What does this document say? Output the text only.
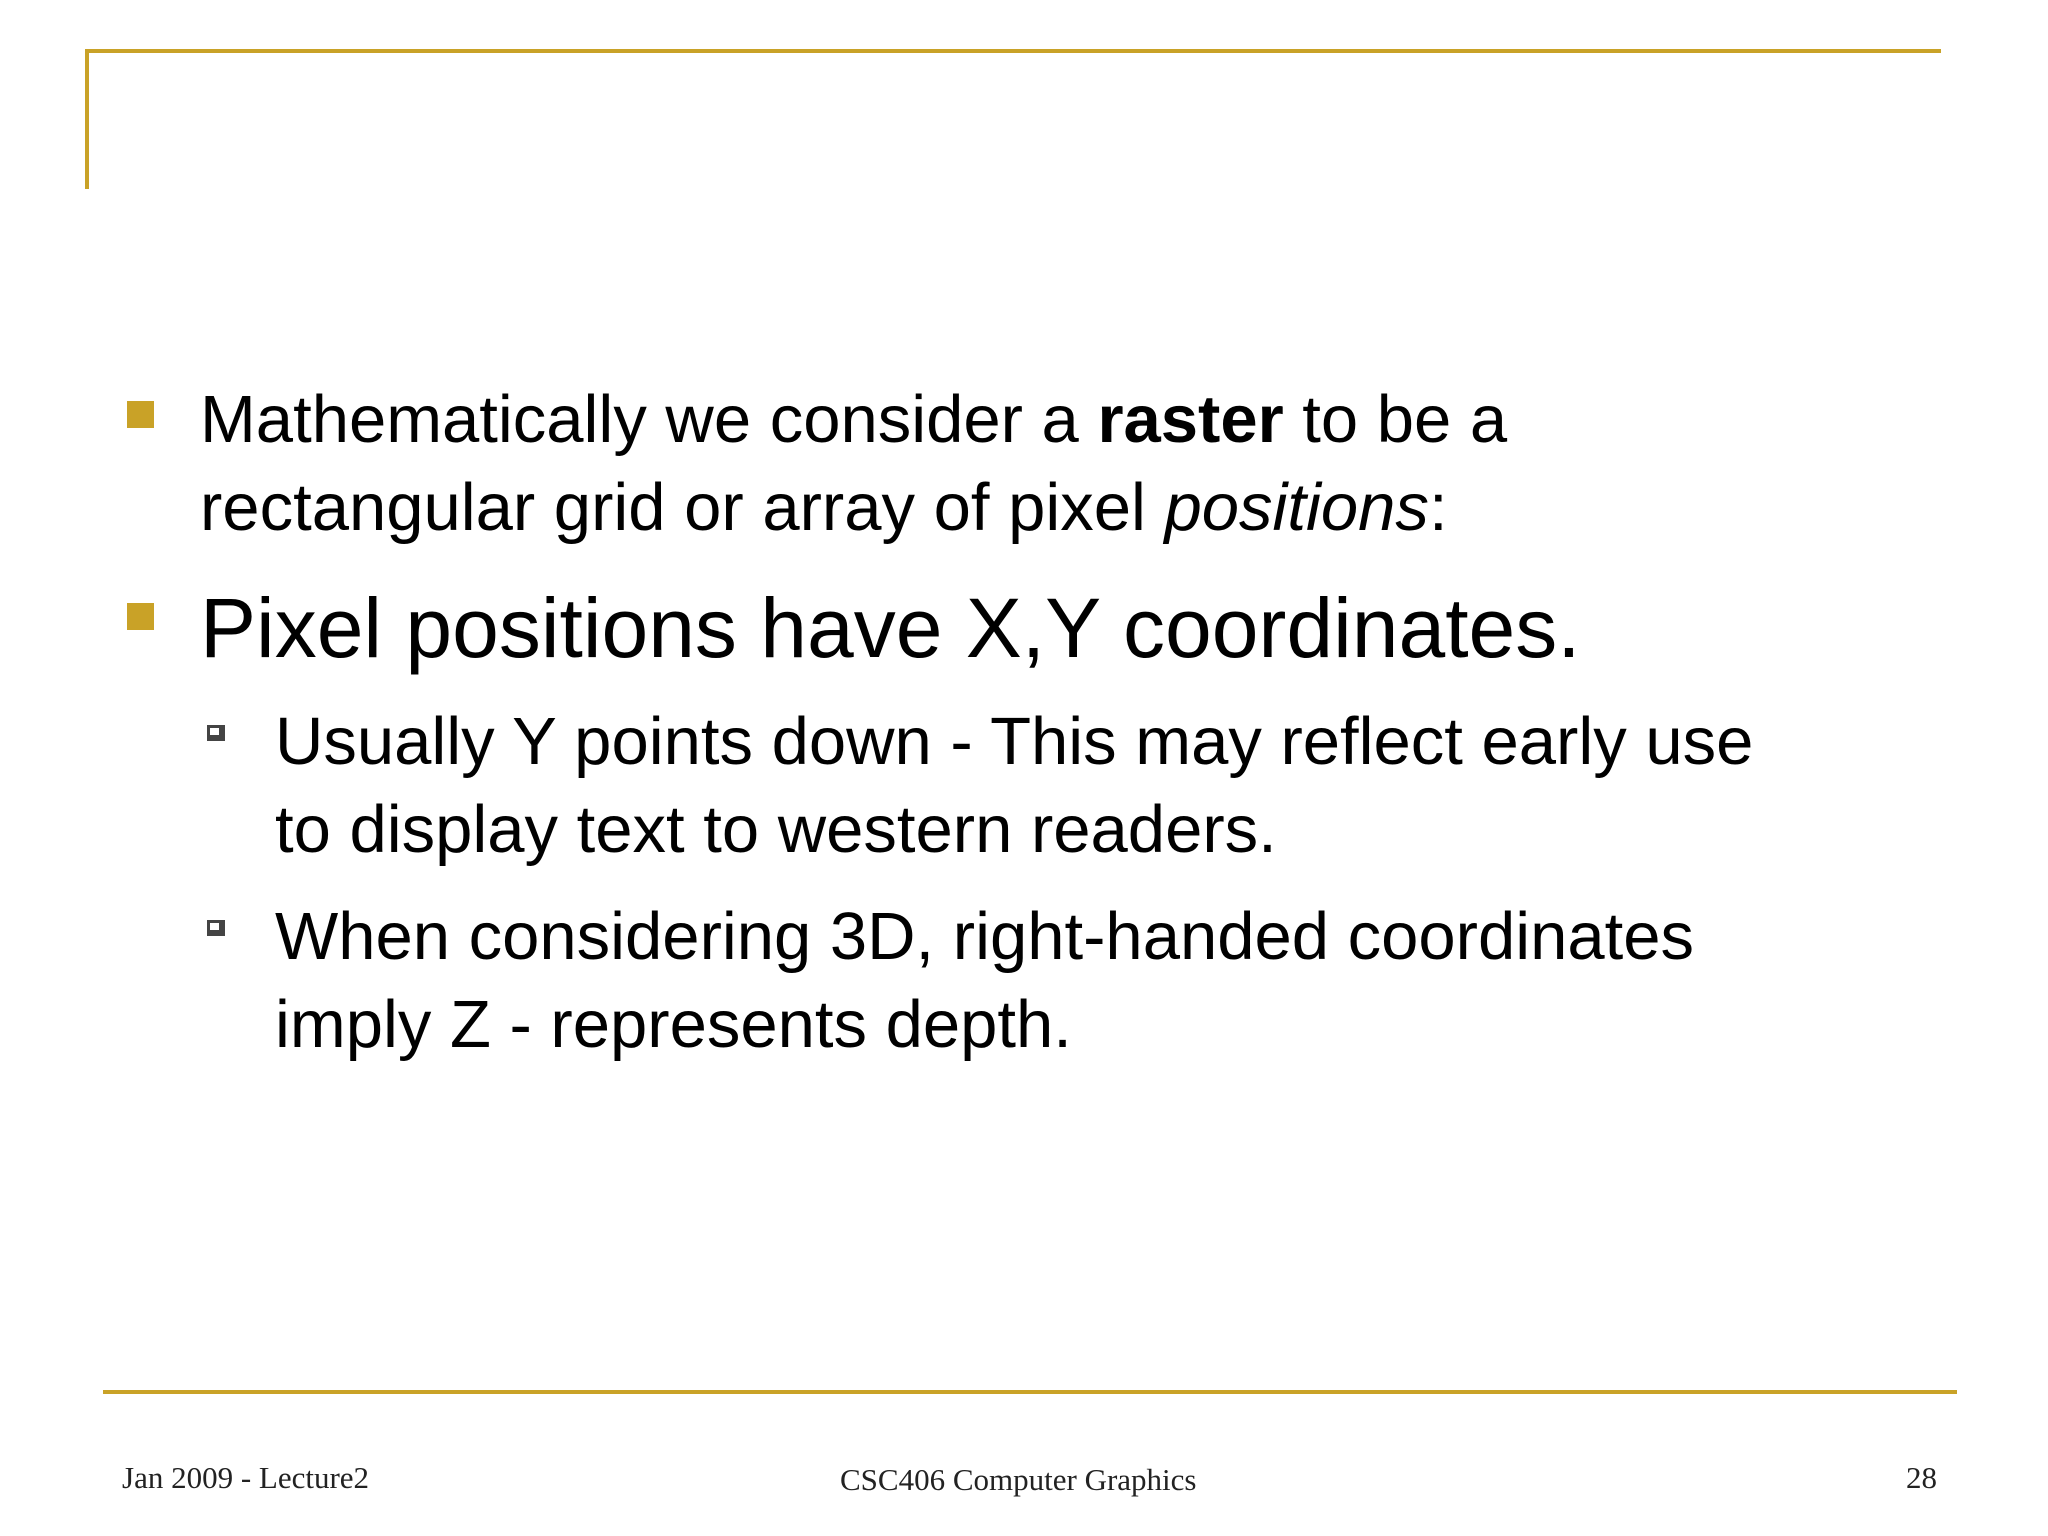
Mathematically we consider a raster to be a
rectangular grid or array of pixel positions:
Pixel positions have X,Y coordinates.
Usually Y points down - This may reflect early use
to display text to western readers.
When considering 3D, right-handed coordinates
imply Z - represents depth.
Jan 2009 - Lecture2	CSC406 Computer Graphics	28
